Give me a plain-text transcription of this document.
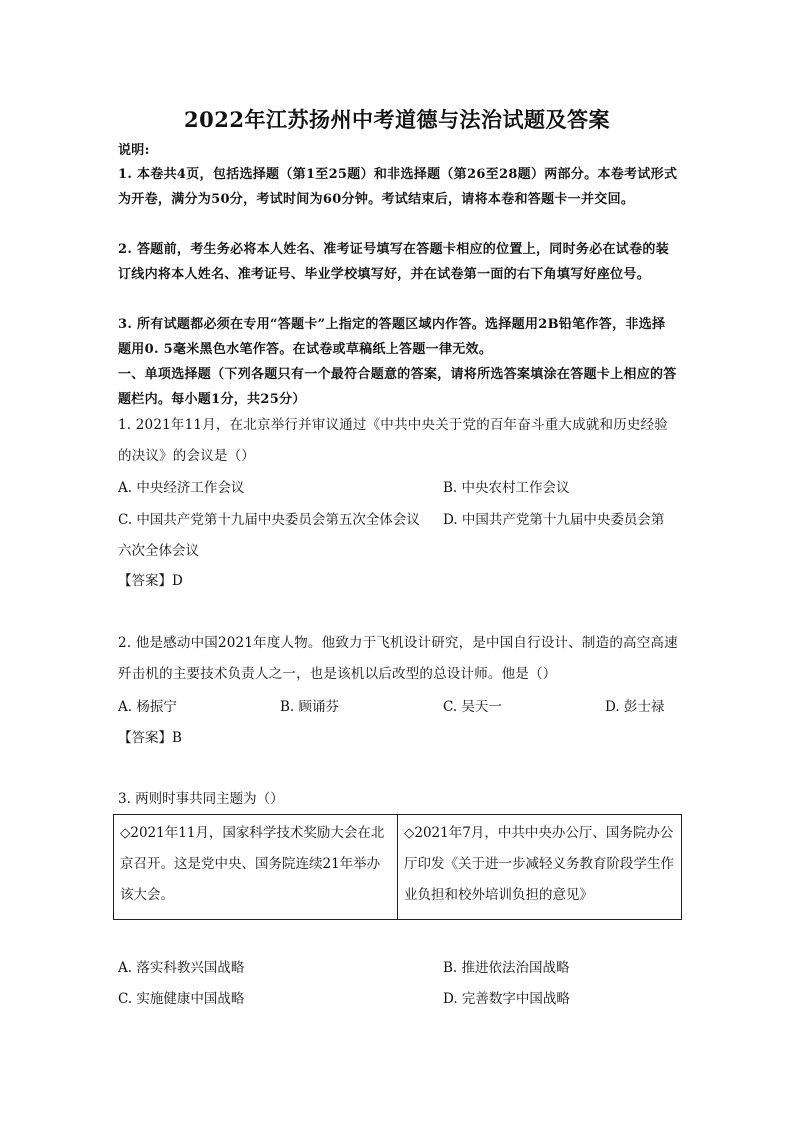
2022年江苏扬州中考道德与法治试题及答案
说明:
1. 本卷共4页，包括选择题（第1至25题）和非选择题（第26至28题）两部分。本卷考试形式为开卷，满分为50分，考试时间为60分钟。考试结束后，请将本卷和答题卡一并交回。
2. 答题前，考生务必将本人姓名、准考证号填写在答题卡相应的位置上，同时务必在试卷的装订线内将本人姓名、准考证号、毕业学校填写好，并在试卷第一面的右下角填写好座位号。
3. 所有试题都必须在专用“答题卡”上指定的答题区域内作答。选择题用2B铅笔作答，非选择题用0. 5毫米黑色水笔作答。在试卷或草稿纸上答题一律无效。
一、单项选择题（下列各题只有一个最符合题意的答案，请将所选答案填涂在答题卡上相应的答题栏内。每小题1分，共25分）
1. 2021年11月，在北京举行并审议通过《中共中央关于党的百年奋斗重大成就和历史经验的决议》的会议是（）
A. 中央经济工作会议	B. 中央农村工作会议
C. 中国共产党第十九届中央委员会第五次全体会议 D. 中国共产党第十九届中央委员会第
六次全体会议
【答案】D
2. 他是感动中国2021年度人物。他致力于飞机设计研究，是中国自行设计、制造的高空高速歼击机的主要技术负责人之一，也是该机以后改型的总设计师。他是（）
A. 杨振宁	B. 顾诵芬	C. 吴天一	D. 彭士禄
【答案】B
3. 两则时事共同主题为（）
◇2021年11月，国家科学技术奖励大会在北京召开。这是党中央、国务院连续21年举办该大会。	◇2021年7月，中共中央办公厅、国务院办公厅印发《关于进一步减轻义务教育阶段学生作业负担和校外培训负担的意见》
A. 落实科教兴国战略	B. 推进依法治国战略
C. 实施健康中国战略	D. 完善数字中国战略
